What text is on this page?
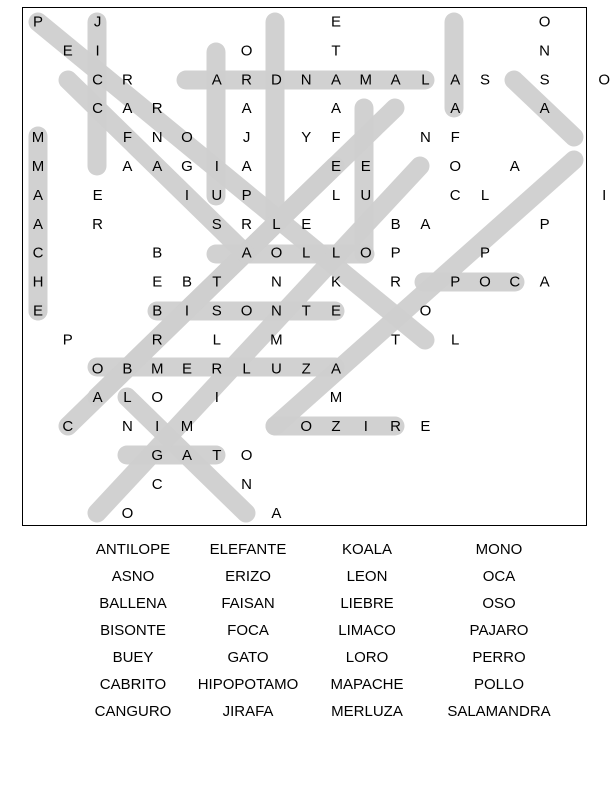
P	J	E	O
E I	O	T	N
C R	A R D N A M A L A S	S	O
C A R	A	A	A	A
M	F N O	J	Y F	N F
M	A A G I A	E E	O	A
A	E	I U P	L U	C L	I
A	R	S R L E	B A	P
C	B	A O L L O P	P
H	E B T	N	K	R	P O C A
E	B I S O N T E	O
P	R	L	M	T	L
O B M E R L U Z A
A L O	I	M
C	N I M	O Z I R E
G A T O
C	N
O	A
ANTILOPE	ELEFANTE	KOALA	MONO
ASNO	ERIZO	LEON	OCA
BALLENA	FAISAN	LIEBRE	OSO
BISONTE	FOCA	LIMACO	PAJARO
BUEY	GATO	LORO	PERRO
CABRITO	HIPOPOTAMO	MAPACHE	POLLO
CANGURO	JIRAFA	MERLUZA	SALAMANDRA
